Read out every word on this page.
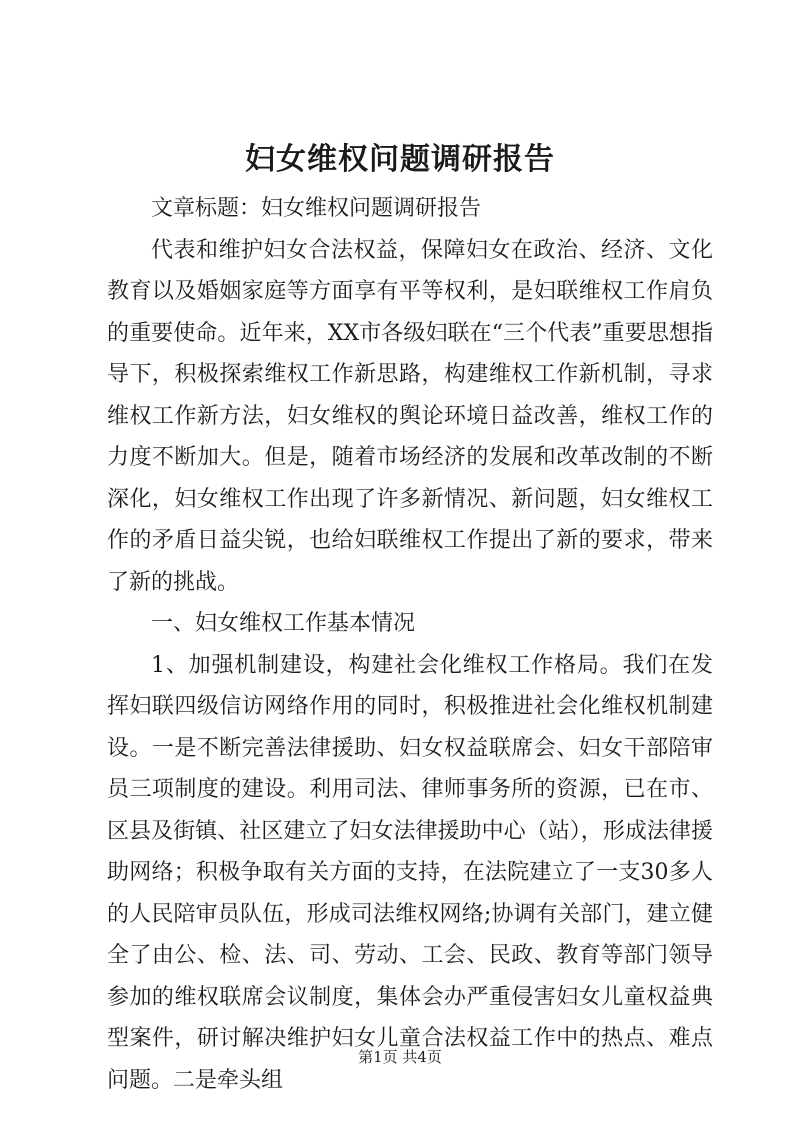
妇女维权问题调研报告

文章标题：妇女维权问题调研报告

代表和维护妇女合法权益，保障妇女在政治、经济、文化教育以及婚姻家庭等方面享有平等权利，是妇联维权工作肩负的重要使命。近年来，XX市各级妇联在“三个代表”重要思想指导下，积极探索维权工作新思路，构建维权工作新机制，寻求维权工作新方法，妇女维权的舆论环境日益改善，维权工作的力度不断加大。但是，随着市场经济的发展和改革改制的不断深化，妇女维权工作出现了许多新情况、新问题，妇女维权工作的矛盾日益尖锐，也给妇联维权工作提出了新的要求，带来了新的挑战。

一、妇女维权工作基本情况

1、加强机制建设，构建社会化维权工作格局。我们在发挥妇联四级信访网络作用的同时，积极推进社会化维权机制建设。一是不断完善法律援助、妇女权益联席会、妇女干部陪审员三项制度的建设。利用司法、律师事务所的资源，已在市、区县及街镇、社区建立了妇女法律援助中心（站），形成法律援助网络；积极争取有关方面的支持，在法院建立了一支30多人的人民陪审员队伍，形成司法维权网络;协调有关部门，建立健全了由公、检、法、司、劳动、工会、民政、教育等部门领导参加的维权联席会议制度，集体会办严重侵害妇女儿童权益典型案件，研讨解决维护妇女儿童合法权益工作中的热点、难点问题。二是牵头组

第1页 共4页
